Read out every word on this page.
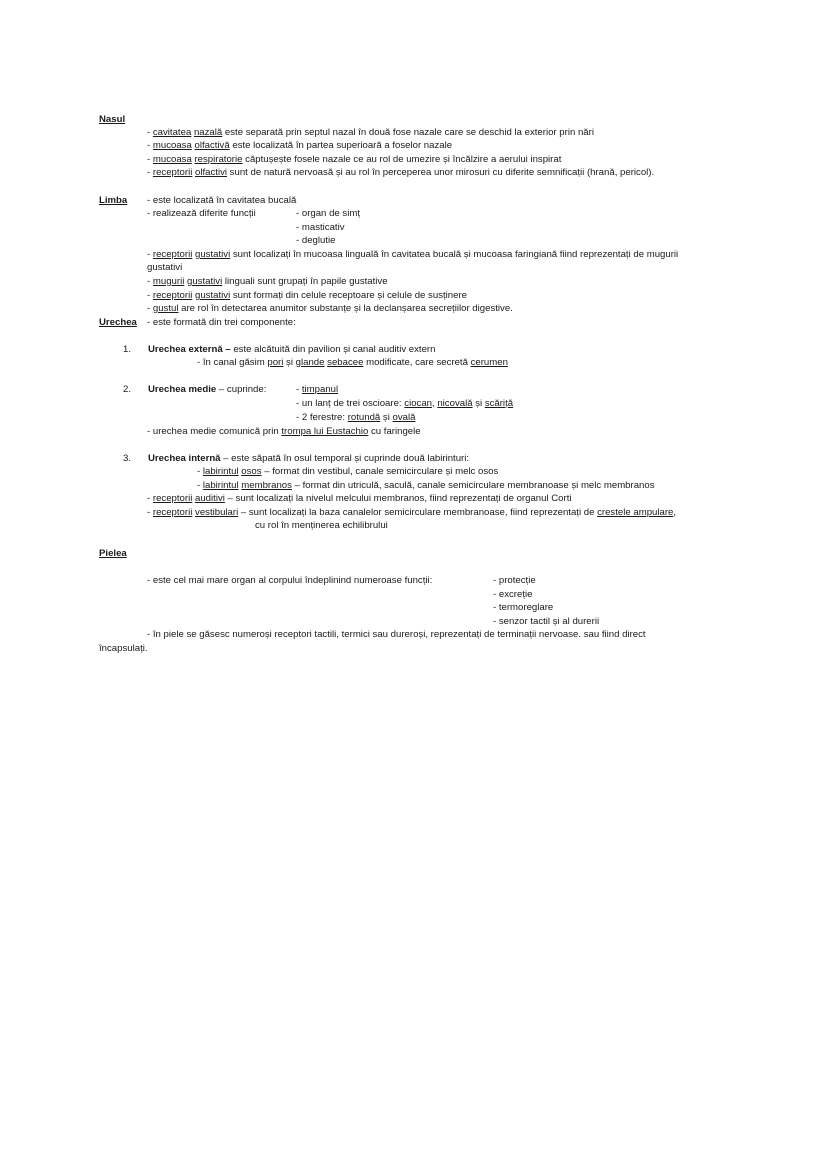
Nasul
- cavitatea nazală este separată prin septul nazal în două fose nazale care se deschid la exterior prin nări
- mucoasa olfactivă este localizată în partea superioară a foselor nazale
- mucoasa respiratorie căptușește fosele nazale ce au rol de umezire și încălzire a aerului inspirat
- receptorii olfactivi sunt de natură nervoasă și au rol în perceperea unor mirosuri cu diferite semnificații (hrană, pericol).
Limba - este localizată în cavitatea bucală
- realizează diferite funcții	- organ de simț
- masticativ
- deglutie
- receptorii gustativi sunt localizați în mucoasa linguală în cavitatea bucală și mucoasa faringiană fiind reprezentați de mugurii
gustativi
- mugurii gustativi linguali sunt grupați în papile gustative
- receptorii gustativi sunt formați din celule receptoare și celule de susținere
- gustul are rol în detectarea anumitor substanțe și la declanșarea secrețiilor digestive.
Urechea - este formată din trei componente:
1. Urechea externă – este alcătuită din pavilion și canal auditiv extern
- în canal găsim pori și glande sebacee modificate, care secretă cerumen
2. Urechea medie – cuprinde:	- timpanul
- un lanț de trei oscioare: ciocan, nicovală și scăriță
- 2 ferestre: rotundă și ovală
- urechea medie comunică prin trompa lui Eustachio cu faringele
3. Urechea internă – este săpată în osul temporal și cuprinde două labirinturi:
- labirintul osos – format din vestibul, canale semicirculare și melc osos
- labirintul membranos – format din utriculă, saculă, canale semicirculare membranoase și melc membranos
- receptorii auditivi – sunt localizați la nivelul melcului membranos, fiind reprezentați de organul Corti
- receptorii vestibulari – sunt localizați la baza canalelor semicirculare membranoase, fiind reprezentați de crestele ampulare,
cu rol în menținerea echilibrului
Pielea
- este cel mai mare organ al corpului îndeplinind numeroase funcții:	- protecție
- excreție
- termoreglare
- senzor tactil și al durerii
- în piele se găsesc numeroși receptori tactili, termici sau dureroși, reprezentați de terminații nervoase. sau fiind direct
încapsulați.
